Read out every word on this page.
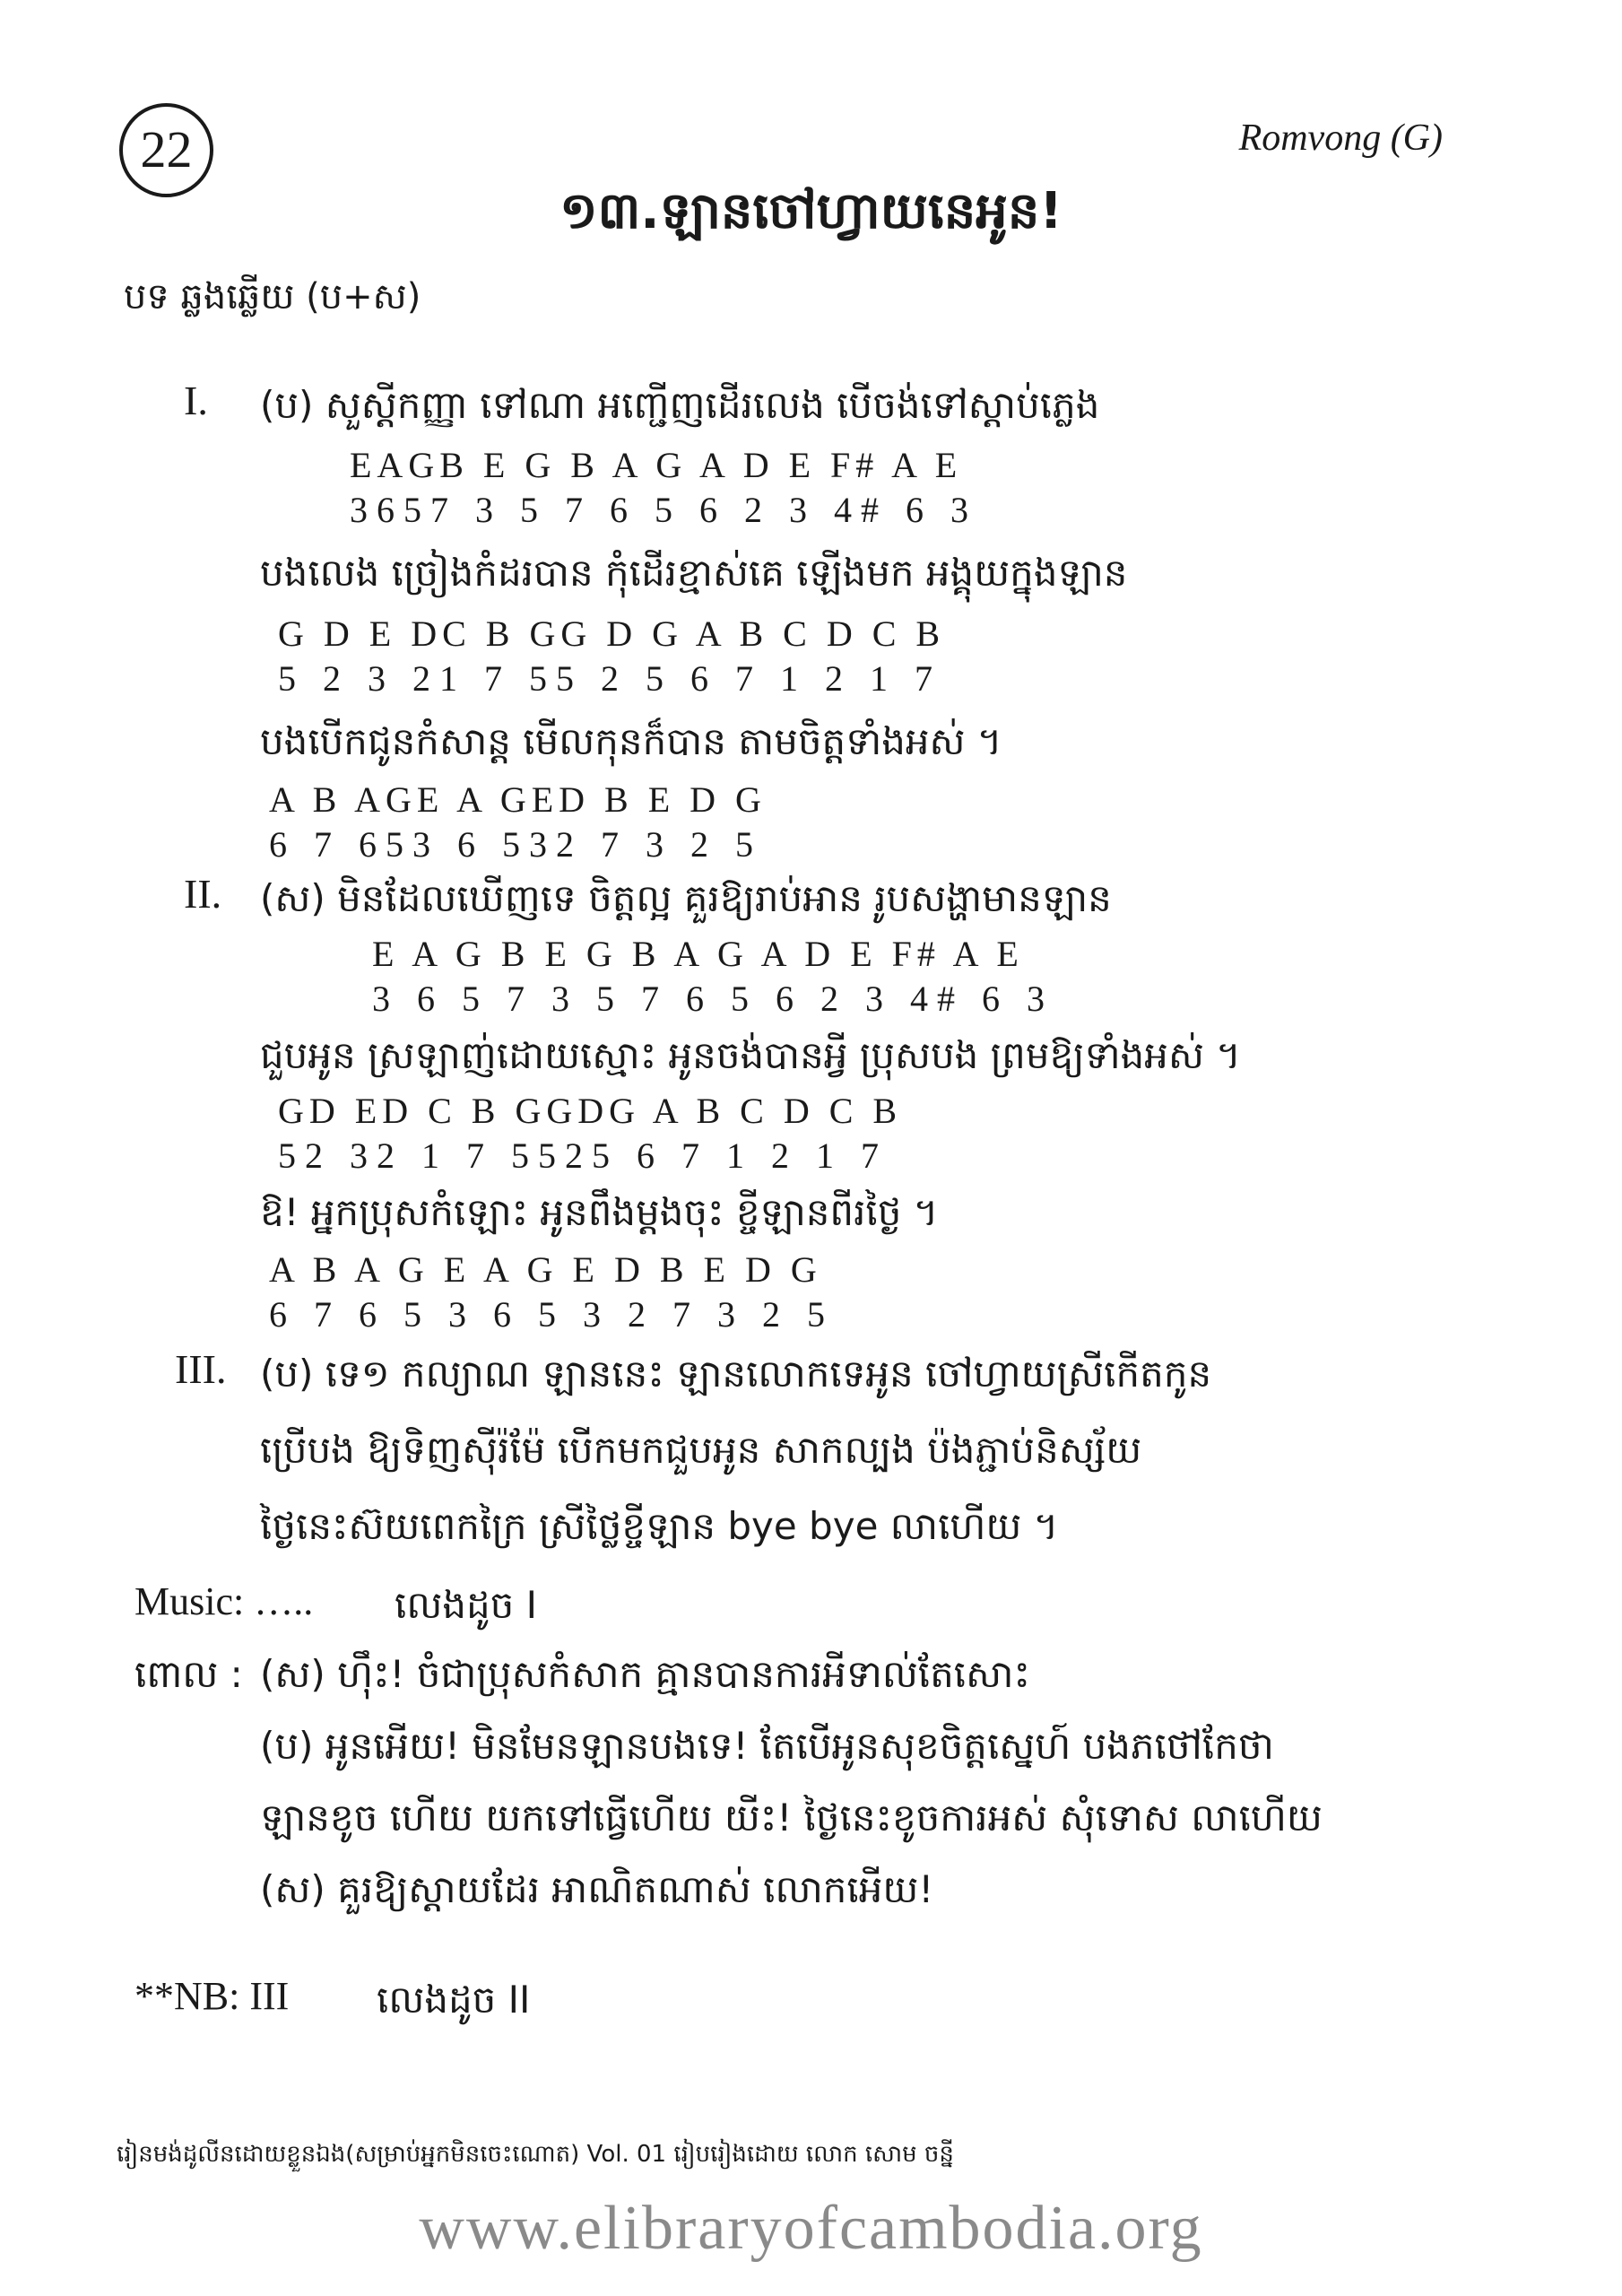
22	Romvong (G)
១៣.ឡានចៅហ្វាយនេអូន!
បទ ឆ្លងឆ្លើយ (ប+ស)
I. (ប) សួស្តីកញ្ញា ទៅណា អញ្ជើញដើរលេង បើចង់ទៅស្តាប់ភ្លេង
EAGB E G B A G A D E F# A E
3657 3 5 7 6 5 6 2 3 4# 6 3
បងលេង ច្រៀងកំដរបាន កុំដើរខ្មាស់គេ ឡើងមក អង្គុយក្នុងឡាន
G D E DC B GG D G A B C D C B
5 2 3 21 7 55 2 5 6 7 1 2 1 7
បងបើកជូនកំសាន្ត មើលកុនក៏បាន តាមចិត្តទាំងអស់ ។
A B AGE A GED B E D G
6 7 653 6 532 7 3 2 5
II. (ស) មិនដែលឃើញទេ ចិត្តល្អ គួរឱ្យរាប់អាន រូបសង្ហាមានឡាន
E A G B E G B A G A D E F# A E
3 6 5 7 3 5 7 6 5 6 2 3 4# 6 3
ជួបអូន ស្រឡាញ់ដោយស្មោះ អូនចង់បានអ្វី ប្រុសបង ព្រមឱ្យទាំងអស់ ។
GD ED C B GGDG A B C D C B
52 32 1 7 5525 6 7 1 2 1 7
ឱ! អ្នកប្រុសកំឡោះ អូនពឹងម្តងចុះ ខ្ចីឡានពីរថ្ងៃ ។
A B A G E A G E D B E D G
6 7 6 5 3 6 5 3 2 7 3 2 5
III. (ប) ទេ១ កល្យាណ ឡាននេះ ឡានលោកទេអូន ចៅហ្វាយស្រីកើតកូន
ប្រើបង ឱ្យទិញស៊ីរ៉ម៉ែ បើកមកជួបអូន សាកល្បង ប៉ងភ្ជាប់និស្ស័យ
ថ្ងៃនេះស៊យពេកក្រៃ ស្រីថ្លៃខ្ចីឡាន bye bye លាហើយ ។
Music: ….. លេងដូច I
ពោល : (ស) ហ៊ឹះ! ចំជាប្រុសកំសាក គ្មានបានការអីទាល់តែសោះ
(ប) អូនអើយ! មិនមែនឡានបងទេ! តែបើអូនសុខចិត្តស្នេហ៍ បងភថៅកែថា
ឡានខូច ហើយ យកទៅធ្វើហើយ យីះ! ថ្ងៃនេះខូចការអស់ សុំទោស លាហើយ
(ស) គួរឱ្យស្តាយដែរ អាណិតណាស់ លោកអើយ!
**NB: III លេងដូច II
រៀនមង់ដូលីនដោយខ្លួនឯង(សម្រាប់អ្នកមិនចេះណោត) Vol. 01 រៀបរៀងដោយ លោក សោម ចន្នី
www.elibraryofcambodia.org
